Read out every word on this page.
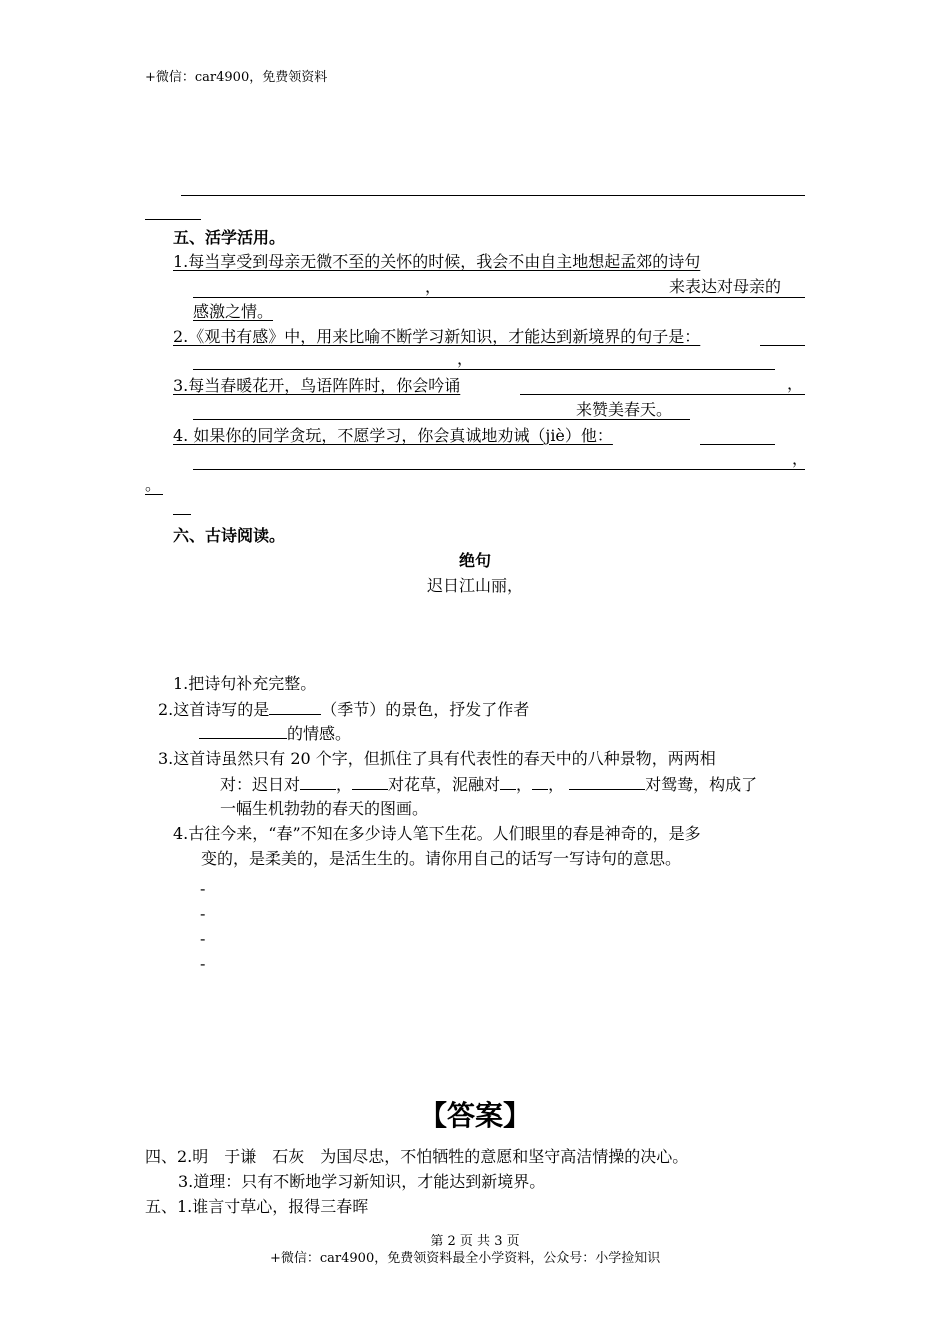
+微信：car4900，免费领资料
五、活学活用。
1.每当享受到母亲无微不至的关怀的时候，我会不由自主地想起孟郊的诗句
，	来表达对母亲的
感激之情。
2.《观书有感》中，用来比喻不断学习新知识，才能达到新境界的句子是：
，
3.每当春暖花开，鸟语阵阵时，你会吟诵	，
来赞美春天。
4. 如果你的同学贪玩，不愿学习，你会真诚地劝诫（jiè）他：
，
。
六、古诗阅读。
绝句
迟日江山丽，
1.把诗句补充完整。
2.这首诗写的是	（季节）的景色，抒发了作者
的情感。
3.这首诗虽然只有 20 个字，但抓住了具有代表性的春天中的八种景物，两两相
对：迟日对 ， 对花草，泥融对 ， ，	对鸳鸯，构成了
一幅生机勃勃的春天的图画。
4.古往今来，“春”不知在多少诗人笔下生花。人们眼里的春是神奇的，是多
变的，是柔美的，是活生生的。请你用自己的话写一写诗句的意思。
-
-
-
-
【答案】
四、2.明　于谦　石灰　为国尽忠，不怕牺牲的意愿和坚守高洁情操的决心。
3.道理：只有不断地学习新知识，才能达到新境界。
五、1.谁言寸草心，报得三春晖
第 2 页 共 3 页
+微信：car4900，免费领资料最全小学资料，公众号：小学捡知识
